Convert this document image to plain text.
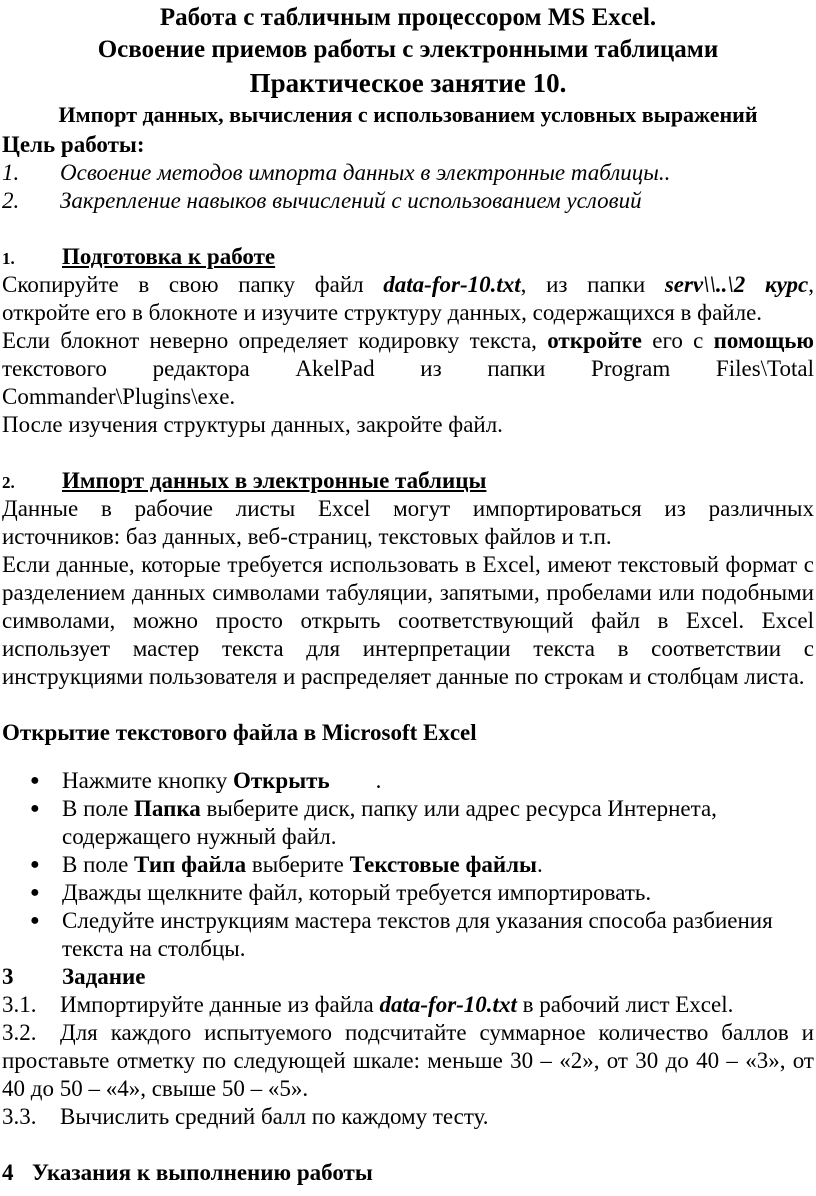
Работа с табличным процессором MS Excel.
Освоение приемов работы с электронными таблицами
Практическое занятие 10.
Импорт данных, вычисления с использованием условных выражений
Цель работы:
1. Освоение методов импорта данных в электронные таблицы..
2. Закрепление навыков вычислений с использованием условий
1. Подготовка к работе
Скопируйте в свою папку файл data-for-10.txt, из папки serv\\..\2 курс,
откройте его в блокноте и изучите структуру данных, содержащихся в файле.
Если блокнот неверно определяет кодировку текста, откройте его с помощью
текстового редактора AkelPad из папки Program Files\Total
Commander\Plugins\exe.
После изучения структуры данных, закройте файл.
2. Импорт данных в электронные таблицы
Данные в рабочие листы Excel могут импортироваться из различных
источников: баз данных, веб-страниц, текстовых файлов и т.п.
Если данные, которые требуется использовать в Excel, имеют текстовый формат с разделением данных символами табуляции, запятыми, пробелами или подобными символами, можно просто открыть соответствующий файл в Excel. Excel использует мастер текста для интерпретации текста в соответствии с инструкциями пользователя и распределяет данные по строкам и столбцам листа.
Открытие текстового файла в Microsoft Excel
● Нажмите кнопку Открыть        .
● В поле Папка выберите диск, папку или адрес ресурса Интернета, содержащего нужный файл.
● В поле Тип файла выберите Текстовые файлы.
● Дважды щелкните файл, который требуется импортировать.
● Следуйте инструкциям мастера текстов для указания способа разбиения текста на столбцы.
3 Задание
3.1. Импортируйте данные из файла data-for-10.txt в рабочий лист Excel.
3.2. Для каждого испытуемого подсчитайте суммарное количество баллов и проставьте отметку по следующей шкале: меньше 30 – «2», от 30 до 40 – «3», от 40 до 50 – «4», свыше 50 – «5».
3.3. Вычислить средний балл по каждому тесту.
4 Указания к выполнению работы
